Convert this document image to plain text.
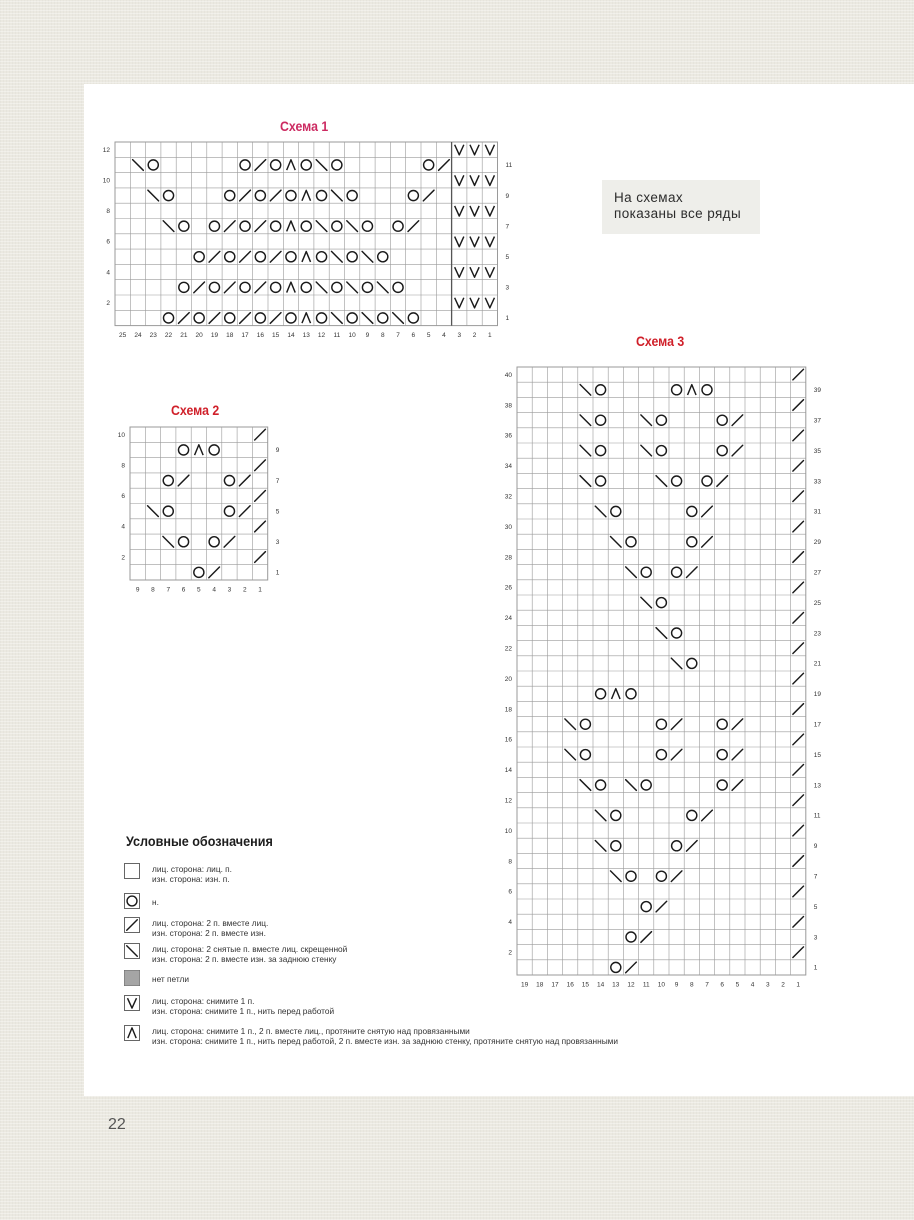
Схема 1
Схема 2
Схема 3
На схемах
показаны все ряды
25 24 23 22 21 20 19 18 17 16 15 14 13 12 11 10 9 8 7 6 5 4 3 2 1
12
10
8
6
4
2
11
9
7
5
3
1
9 8 7 6 5 4 3 2 1
10
8
6
4
2
9
7
5
3
1
19 18 17 16 15 14 13 12 11 10 9 8 7 6 5 4 3 2 1
40
38
36
34
32
30
28
26
24
22
20
18
16
14
12
10
8
6
4
2
39
37
35
33
31
29
27
25
23
21
19
17
15
13
11
9
7
5
3
1
Условные обозначения
лиц. сторона: лиц. п.
изн. сторона: изн. п.
н.
лиц. сторона: 2 п. вместе лиц.
изн. сторона: 2 п. вместе изн.
лиц. сторона: 2 снятые п. вместе лиц. скрещенной
изн. сторона: 2 п. вместе изн. за заднюю стенку
нет петли
лиц. сторона: снимите 1 п.
изн. сторона: снимите 1 п., нить перед работой
лиц. сторона: снимите 1 п., 2 п. вместе лиц., протяните снятую над провязанными
изн. сторона: снимите 1 п., нить перед работой, 2 п. вместе изн. за заднюю стенку, протяните снятую над провязанными
22
